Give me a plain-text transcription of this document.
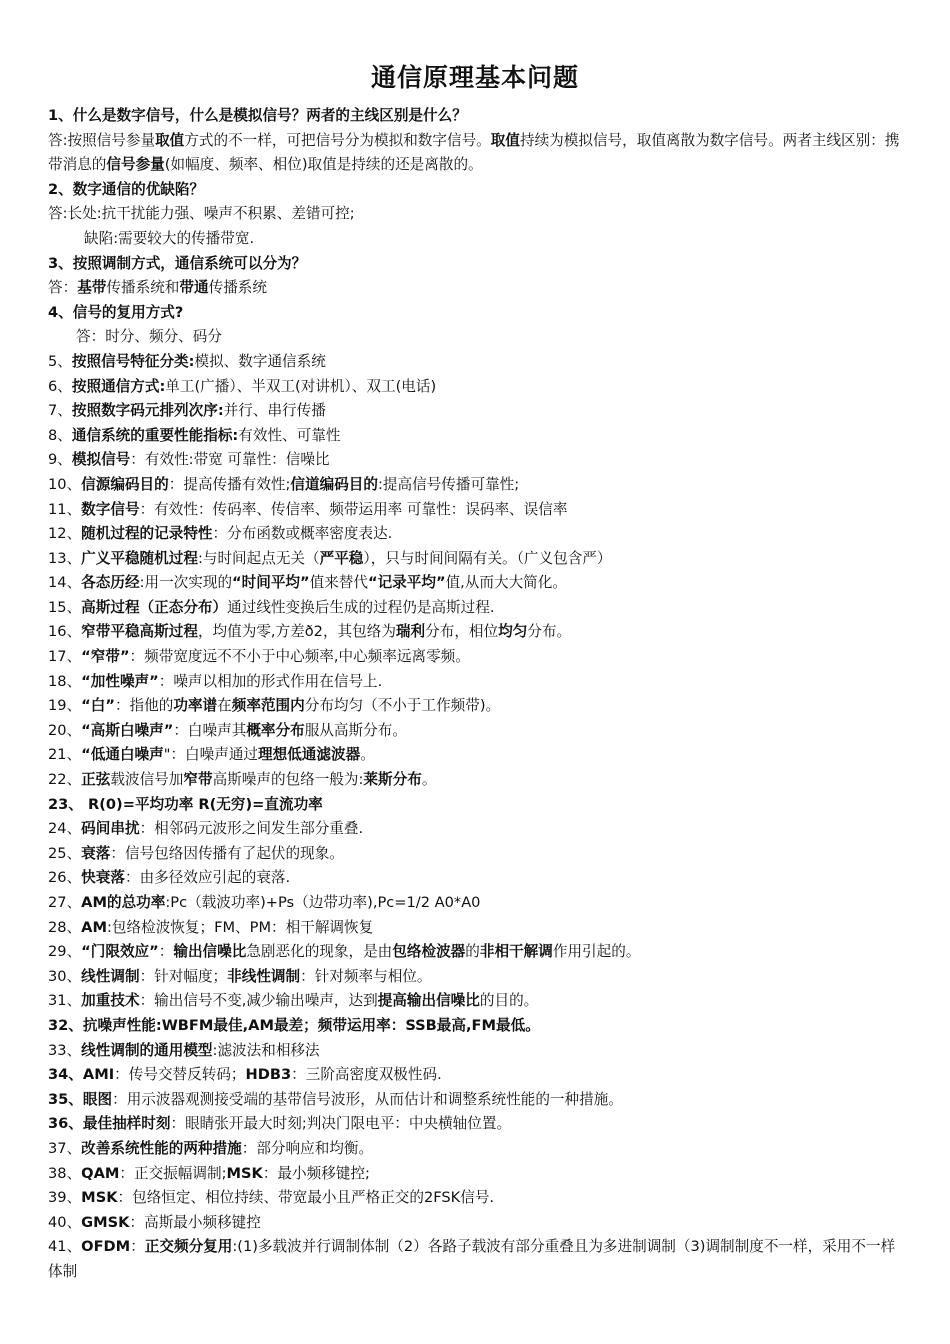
通信原理基本问题
1、什么是数字信号，什么是模拟信号？两者的主线区别是什么？
答:按照信号参量取值方式的不一样，可把信号分为模拟和数字信号。取值持续为模拟信号，取值离散为数字信号。两者主线区别：携带消息的信号参量(如幅度、频率、相位)取值是持续的还是离散的。
2、数字通信的优缺陷？
答:长处:抗干扰能力强、噪声不积累、差错可控;
缺陷:需要较大的传播带宽.
3、按照调制方式，通信系统可以分为？
答：基带传播系统和带通传播系统
4、信号的复用方式?
答：时分、频分、码分
5、按照信号特征分类:模拟、数字通信系统
6、按照通信方式:单工(广播）、半双工(对讲机）、双工(电话)
7、按照数字码元排列次序:并行、串行传播
8、通信系统的重要性能指标:有效性、可靠性
9、模拟信号：有效性:带宽 可靠性：信噪比
10、信源编码目的：提高传播有效性;信道编码目的:提高信号传播可靠性;
11、数字信号：有效性：传码率、传信率、频带运用率 可靠性：误码率、误信率
12、随机过程的记录特性：分布函数或概率密度表达.
13、广义平稳随机过程:与时间起点无关（严平稳），只与时间间隔有关。（广义包含严）
14、各态历经:用一次实现的“时间平均”值来替代“记录平均”值,从而大大简化。
15、高斯过程（正态分布）通过线性变换后生成的过程仍是高斯过程.
16、窄带平稳高斯过程，均值为零,方差ð2，其包络为瑞利分布，相位均匀分布。
17、“窄带”：频带宽度远不不小于中心频率,中心频率远离零频。
18、“加性噪声”：噪声以相加的形式作用在信号上.
19、“白”：指他的功率谱在频率范围内分布均匀（不小于工作频带)。
20、“高斯白噪声”：白噪声其概率分布服从高斯分布。
21、“低通白噪声"：白噪声通过理想低通滤波器。
22、正弦载波信号加窄带高斯噪声的包络一般为:莱斯分布。
23、 R(0)=平均功率 R(无穷)=直流功率
24、码间串扰：相邻码元波形之间发生部分重叠.
25、衰落：信号包络因传播有了起伏的现象。
26、快衰落：由多径效应引起的衰落.
27、AM的总功率:Pc（载波功率)+Ps（边带功率),Pc=1/2 A0*A0
28、AM:包络检波恢复；FM、PM：相干解调恢复
29、“门限效应”：输出信噪比急剧恶化的现象，是由包络检波器的非相干解调作用引起的。
30、线性调制：针对幅度；非线性调制：针对频率与相位。
31、加重技术：输出信号不变,减少输出噪声，达到提高输出信噪比的目的。
32、抗噪声性能:WBFM最佳,AM最差；频带运用率：SSB最高,FM最低。
33、线性调制的通用模型:滤波法和相移法
34、AMI：传号交替反转码；HDB3：三阶高密度双极性码.
35、眼图：用示波器观测接受端的基带信号波形，从而估计和调整系统性能的一种措施。
36、最佳抽样时刻：眼睛张开最大时刻;判决门限电平：中央横轴位置。
37、改善系统性能的两种措施：部分响应和均衡。
38、QAM：正交振幅调制;MSK：最小频移键控;
39、MSK：包络恒定、相位持续、带宽最小且严格正交的2FSK信号.
40、GMSK：高斯最小频移键控
41、OFDM：正交频分复用:(1)多载波并行调制体制（2）各路子载波有部分重叠且为多进制调制（3)调制制度不一样，采用不一样体制
